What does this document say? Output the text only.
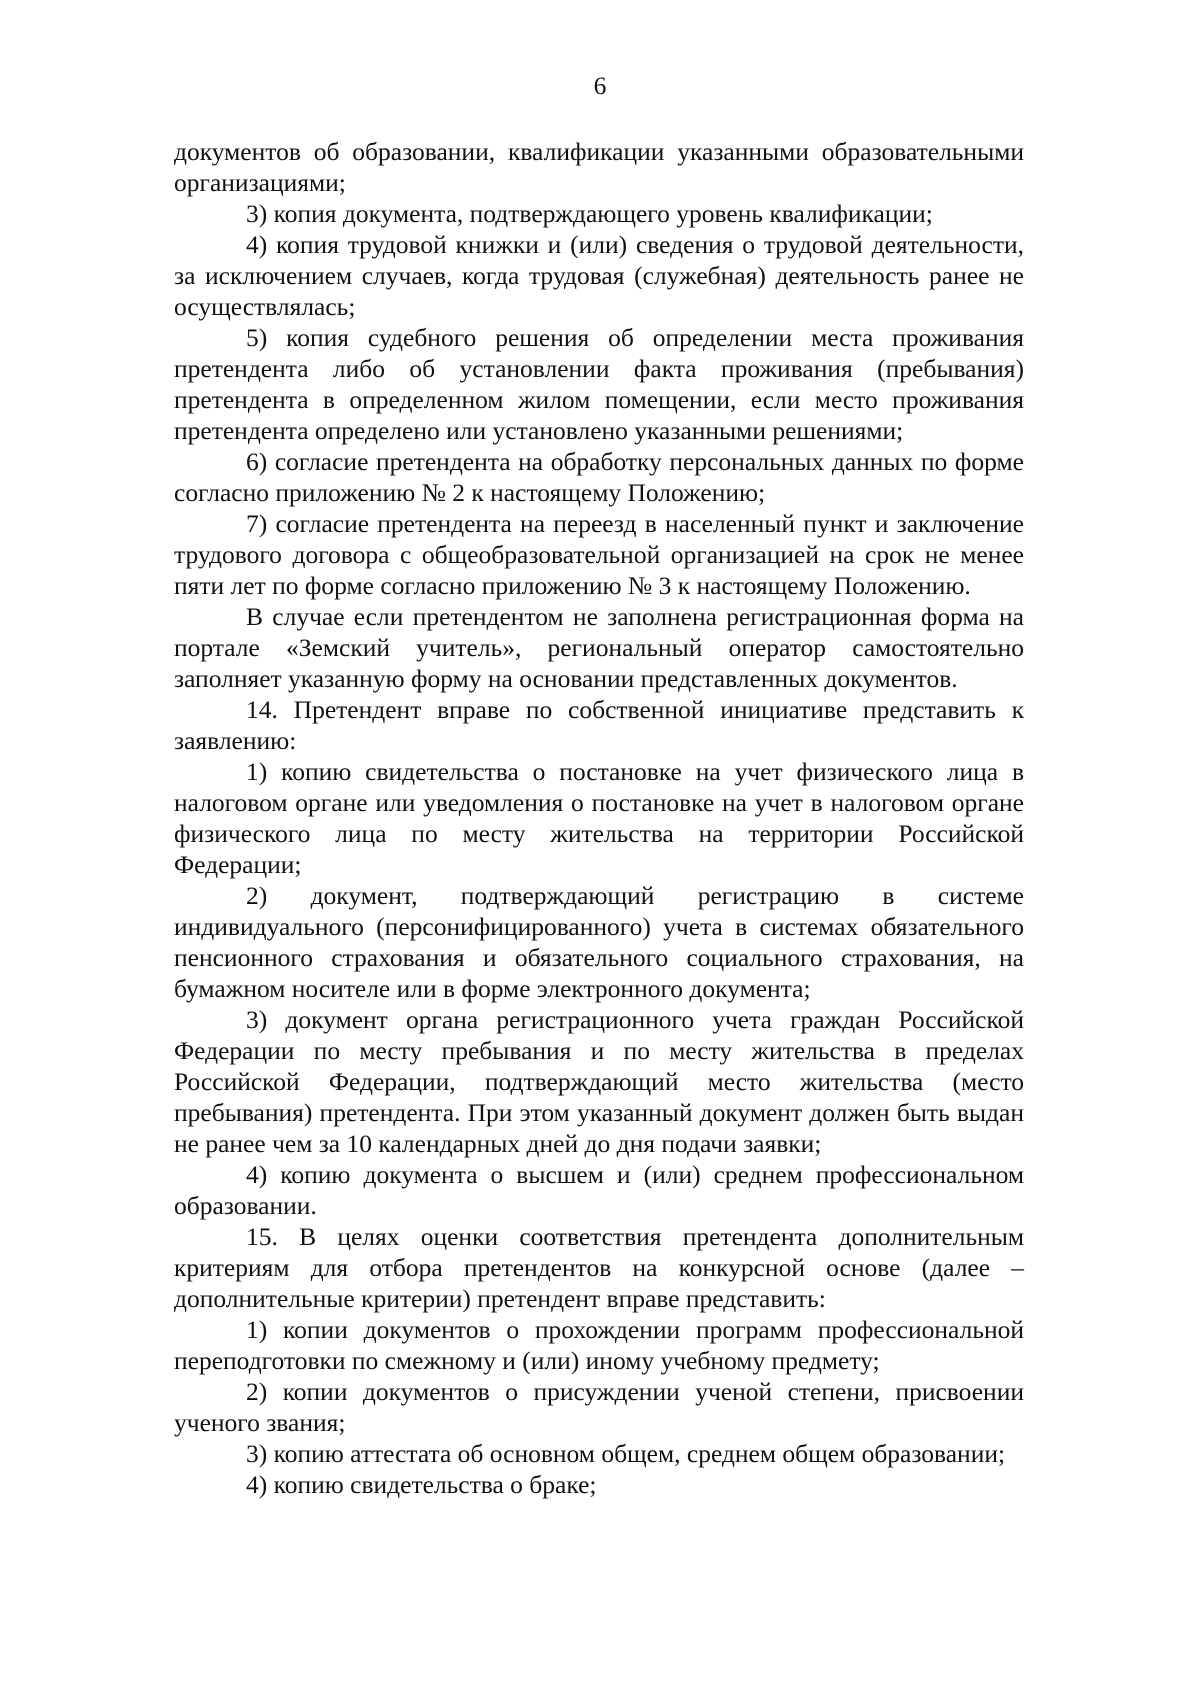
6

документов об образовании, квалификации указанными образовательными организациями;

3) копия документа, подтверждающего уровень квалификации;

4) копия трудовой книжки и (или) сведения о трудовой деятельности, за исключением случаев, когда трудовая (служебная) деятельность ранее не осуществлялась;

5) копия судебного решения об определении места проживания претендента либо об установлении факта проживания (пребывания) претендента в определенном жилом помещении, если место проживания претендента определено или установлено указанными решениями;

6) согласие претендента на обработку персональных данных по форме согласно приложению № 2 к настоящему Положению;

7) согласие претендента на переезд в населенный пункт и заключение трудового договора с общеобразовательной организацией на срок не менее пяти лет по форме согласно приложению № 3 к настоящему Положению.

В случае если претендентом не заполнена регистрационная форма на портале «Земский учитель», региональный оператор самостоятельно заполняет указанную форму на основании представленных документов.

14. Претендент вправе по собственной инициативе представить к заявлению:

1) копию свидетельства о постановке на учет физического лица в налоговом органе или уведомления о постановке на учет в налоговом органе физического лица по месту жительства на территории Российской Федерации;

2) документ, подтверждающий регистрацию в системе индивидуального (персонифицированного) учета в системах обязательного пенсионного страхования и обязательного социального страхования, на бумажном носителе или в форме электронного документа;

3) документ органа регистрационного учета граждан Российской Федерации по месту пребывания и по месту жительства в пределах Российской Федерации, подтверждающий место жительства (место пребывания) претендента. При этом указанный документ должен быть выдан не ранее чем за 10 календарных дней до дня подачи заявки;

4) копию документа о высшем и (или) среднем профессиональном образовании.

15. В целях оценки соответствия претендента дополнительным критериям для отбора претендентов на конкурсной основе (далее – дополнительные критерии) претендент вправе представить:

1) копии документов о прохождении программ профессиональной переподготовки по смежному и (или) иному учебному предмету;

2) копии документов о присуждении ученой степени, присвоении ученого звания;

3) копию аттестата об основном общем, среднем общем образовании;

4) копию свидетельства о браке;
